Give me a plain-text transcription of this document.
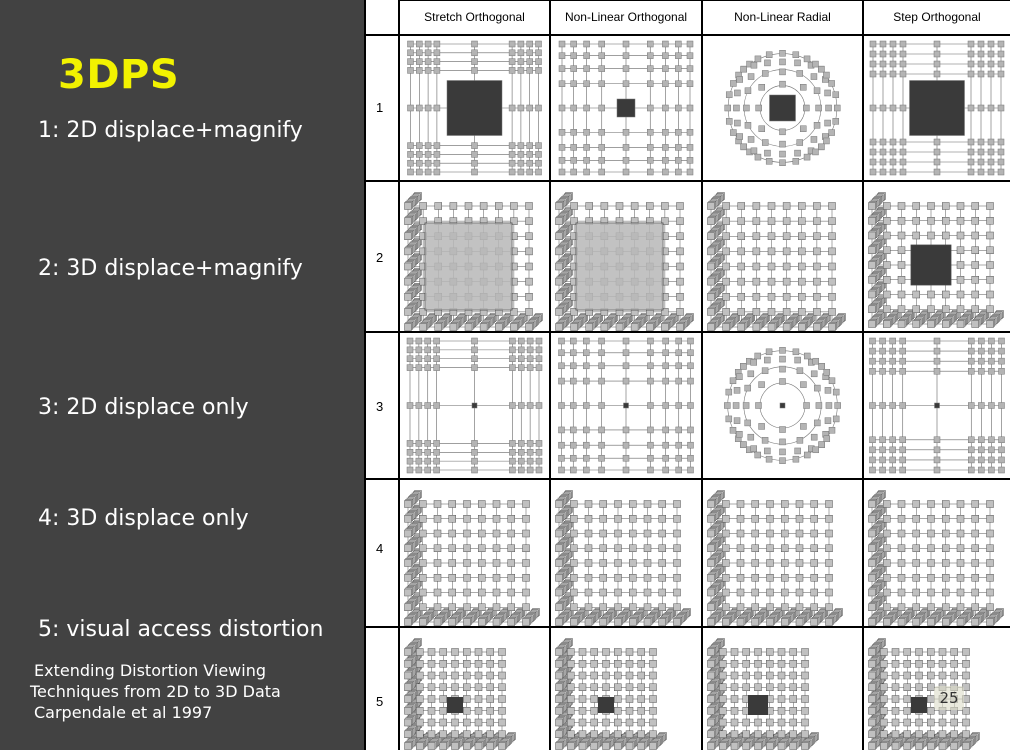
3DPS
1: 2D displace+magnify
2: 3D displace+magnify
3: 2D displace only
4: 3D displace only
5: visual access distortion
Extending Distortion Viewing
Techniques from 2D to 3D Data
Carpendale et al 1997
Stretch Orthogonal	Non-Linear Orthogonal	Non-Linear Radial	Step Orthogonal
1
2
3
4
5	25
